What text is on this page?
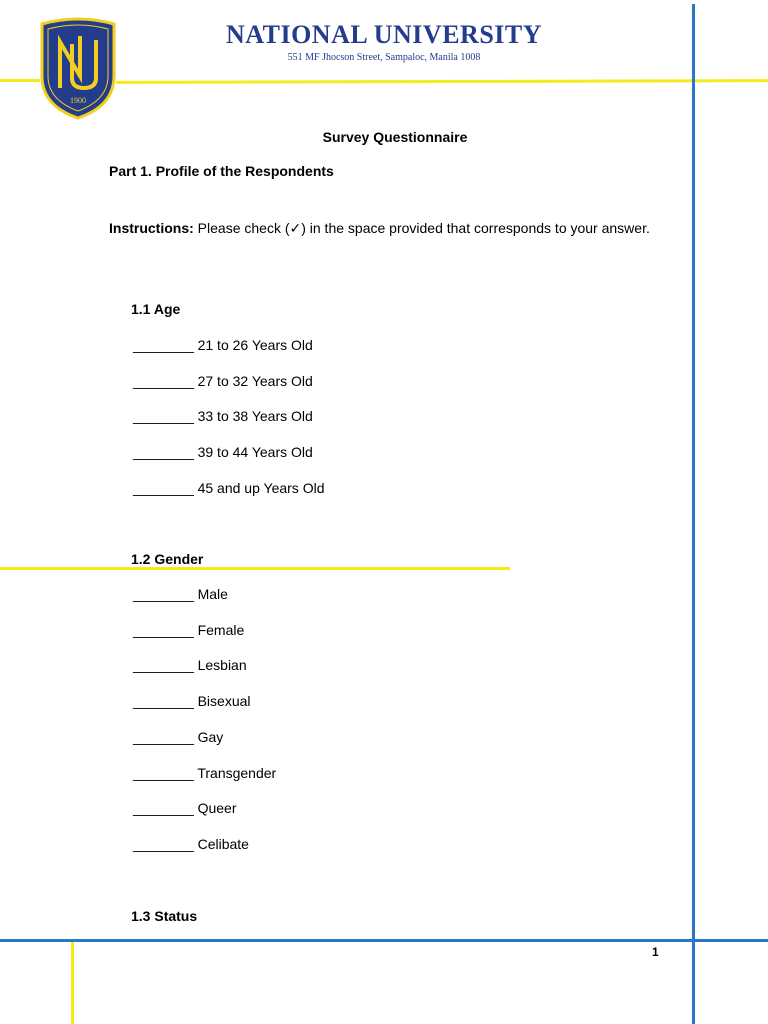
1900
NATIONAL UNIVERSITY
551 MF Jhocson Street, Sampaloc, Manila 1008
Survey Questionnaire
Part 1. Profile of the Respondents
Instructions: Please check (✓) in the space provided that corresponds to your answer.
1.1 Age
________ 21 to 26 Years Old
________ 27 to 32 Years Old
________ 33 to 38 Years Old
________ 39 to 44 Years Old
________ 45 and up Years Old
1.2 Gender
________ Male
________ Female
________ Lesbian
________ Bisexual
________ Gay
________ Transgender
________ Queer
________ Celibate
1.3 Status
1
